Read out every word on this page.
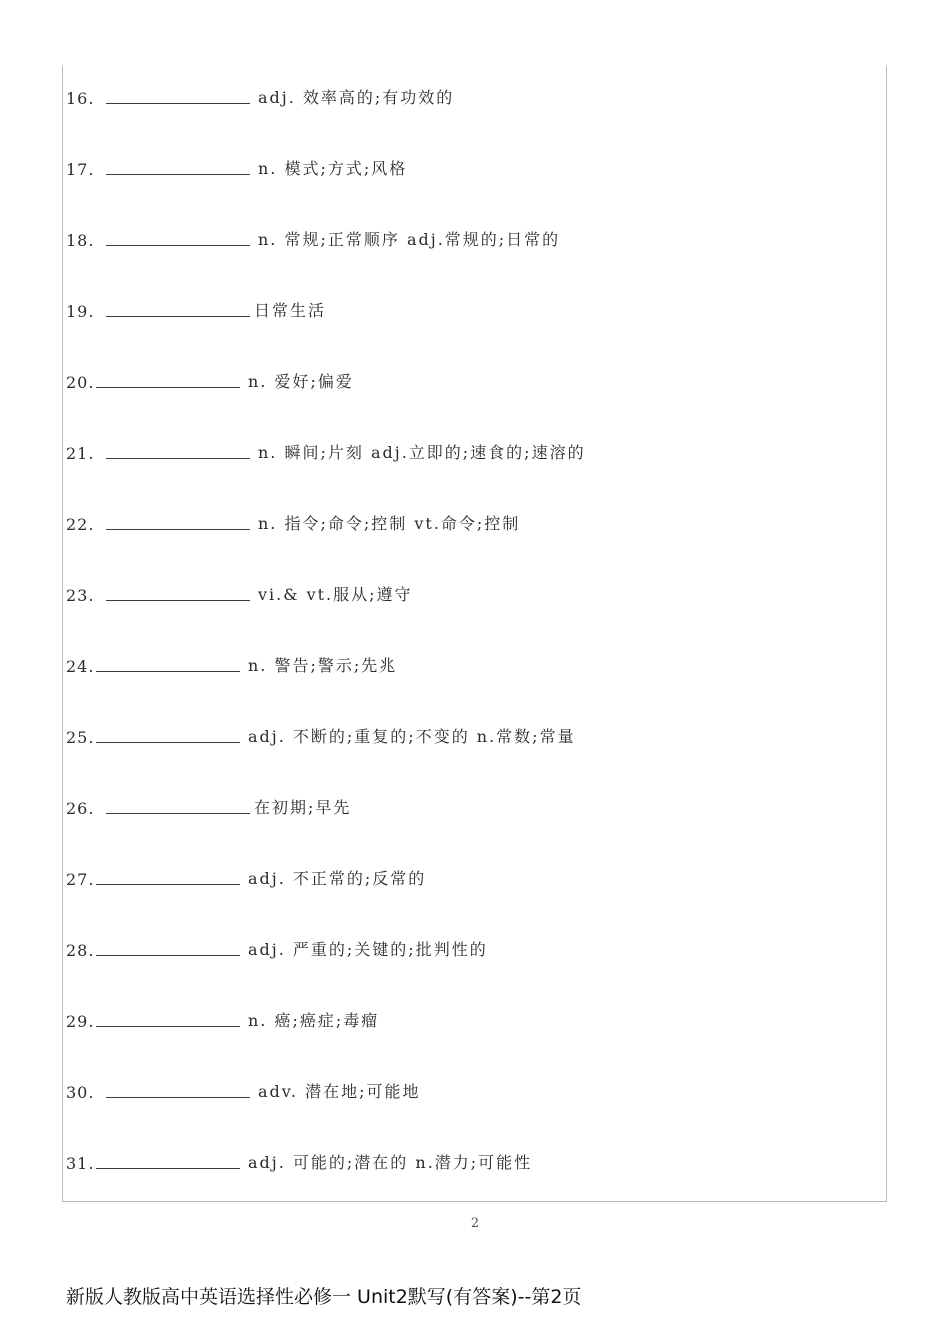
16.	adj. 效率高的;有功效的
17.	n. 模式;方式;风格
18.	n. 常规;正常顺序 adj.常规的;日常的
19.	日常生活
20.	n. 爱好;偏爱
21.	n. 瞬间;片刻 adj.立即的;速食的;速溶的
22.	n. 指令;命令;控制 vt.命令;控制
23.	vi.& vt.服从;遵守
24.	n. 警告;警示;先兆
25.	adj. 不断的;重复的;不变的 n.常数;常量
26.	在初期;早先
27.	adj. 不正常的;反常的
28.	adj. 严重的;关键的;批判性的
29.	n. 癌;癌症;毒瘤
30.	adv. 潜在地;可能地
31.	adj. 可能的;潜在的 n.潜力;可能性
2
新版人教版高中英语选择性必修一 Unit2默写(有答案)--第2页
